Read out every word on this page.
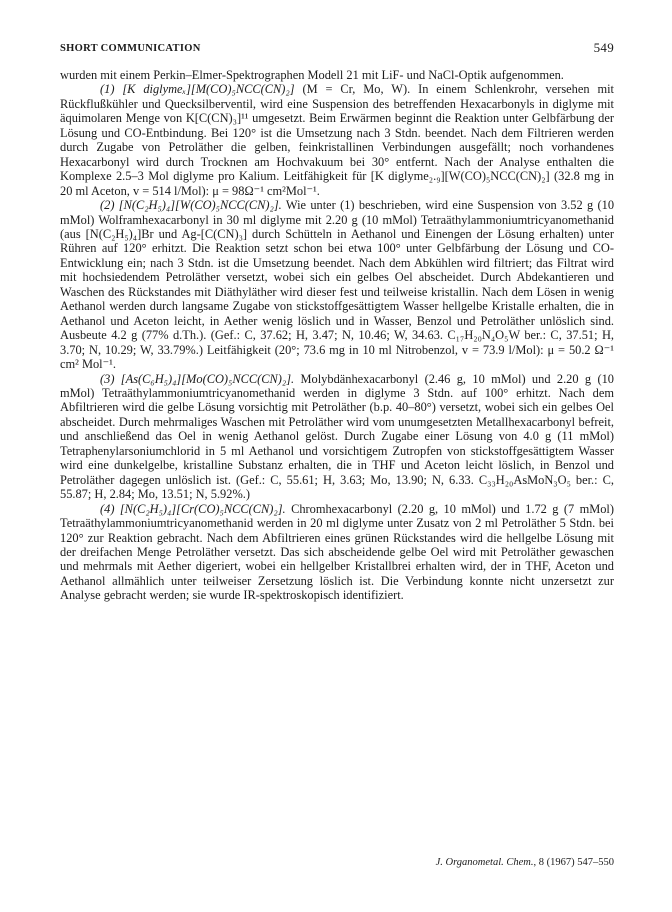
SHORT COMMUNICATION	549

wurden mit einem Perkin–Elmer-Spektrographen Modell 21 mit LiF- und NaCl-Optik aufgenommen.

(1) [K diglymeₓ][M(CO)₅NCC(CN)₂] (M = Cr, Mo, W). In einem Schlenkrohr, versehen mit Rückflußkühler und Quecksilberventil, wird eine Suspension des betreffenden Hexacarbonyls in diglyme mit äquimolaren Menge von K[C(CN)₃]¹¹ umgesetzt. Beim Erwärmen beginnt die Reaktion unter Gelbfärbung der Lösung und CO-Entbindung. Bei 120° ist die Umsetzung nach 3 Stdn. beendet. Nach dem Filtrieren werden durch Zugabe von Petroläther die gelben, feinkristallinen Verbindungen ausgefällt; noch vorhandenes Hexacarbonyl wird durch Trocknen am Hochvakuum bei 30° entfernt. Nach der Analyse enthalten die Komplexe 2.5–3 Mol diglyme pro Kalium. Leitfähigkeit für [K diglyme₂.₉][W(CO)₅NCC(CN)₂] (32.8 mg in 20 ml Aceton, v = 514 l/Mol): μ = 98Ω⁻¹ cm²Mol⁻¹.

(2) [N(C₂H₅)₄][W(CO)₅NCC(CN)₂]. Wie unter (1) beschrieben, wird eine Suspension von 3.52 g (10 mMol) Wolframhexacarbonyl in 30 ml diglyme mit 2.20 g (10 mMol) Tetraäthylammoniumtricyanomethanid (aus [N(C₂H₅)₄]Br und Ag-[C(CN)₃] durch Schütteln in Aethanol und Einengen der Lösung erhalten) unter Rühren auf 120° erhitzt. Die Reaktion setzt schon bei etwa 100° unter Gelbfärbung der Lösung und CO-Entwicklung ein; nach 3 Stdn. ist die Umsetzung beendet. Nach dem Abkühlen wird filtriert; das Filtrat wird mit hochsiedendem Petroläther versetzt, wobei sich ein gelbes Oel abscheidet. Durch Abdekantieren und Waschen des Rückstandes mit Diäthyläther wird dieser fest und teilweise kristallin. Nach dem Lösen in wenig Aethanol werden durch langsame Zugabe von stickstoffgesättigtem Wasser hellgelbe Kristalle erhalten, die in Aethanol und Aceton leicht, in Aether wenig löslich und in Wasser, Benzol und Petroläther unlöslich sind. Ausbeute 4.2 g (77% d.Th.). (Gef.: C, 37.62; H, 3.47; N, 10.46; W, 34.63. C₁₇H₂₀N₄O₅W ber.: C, 37.51; H, 3.70; N, 10.29; W, 33.79%.) Leitfähigkeit (20°; 73.6 mg in 10 ml Nitrobenzol, v = 73.9 l/Mol): μ = 50.2 Ω⁻¹ cm² Mol⁻¹.

(3) [As(C₆H₅)₄][Mo(CO)₅NCC(CN)₂]. Molybdänhexacarbonyl (2.46 g, 10 mMol) und 2.20 g (10 mMol) Tetraäthylammoniumtricyanomethanid werden in diglyme 3 Stdn. auf 100° erhitzt. Nach dem Abfiltrieren wird die gelbe Lösung vorsichtig mit Petroläther (b.p. 40–80°) versetzt, wobei sich ein gelbes Oel abscheidet. Durch mehrmaliges Waschen mit Petroläther wird vom unumgesetzten Metallhexacarbonyl befreit, und anschließend das Oel in wenig Aethanol gelöst. Durch Zugabe einer Lösung von 4.0 g (11 mMol) Tetraphenylarsoniumchlorid in 5 ml Aethanol und vorsichtigem Zutropfen von stickstoffgesättigtem Wasser wird eine dunkelgelbe, kristalline Substanz erhalten, die in THF und Aceton leicht löslich, in Benzol und Petroläther dagegen unlöslich ist. (Gef.: C, 55.61; H, 3.63; Mo, 13.90; N, 6.33. C₃₃H₂₀AsMoN₃O₅ ber.: C, 55.87; H, 2.84; Mo, 13.51; N, 5.92%.)

(4) [N(C₂H₅)₄][Cr(CO)₅NCC(CN)₂]. Chromhexacarbonyl (2.20 g, 10 mMol) und 1.72 g (7 mMol) Tetraäthylammoniumtricyanomethanid werden in 20 ml diglyme unter Zusatz von 2 ml Petroläther 5 Stdn. bei 120° zur Reaktion gebracht. Nach dem Abfiltrieren eines grünen Rückstandes wird die hellgelbe Lösung mit der dreifachen Menge Petroläther versetzt. Das sich abscheidende gelbe Oel wird mit Petroläther gewaschen und mehrmals mit Aether digeriert, wobei ein hellgelber Kristallbrei erhalten wird, der in THF, Aceton und Aethanol allmählich unter teilweiser Zersetzung löslich ist. Die Verbindung konnte nicht unzersetzt zur Analyse gebracht werden; sie wurde IR-spektroskopisch identifiziert.

J. Organometal. Chem., 8 (1967) 547–550
